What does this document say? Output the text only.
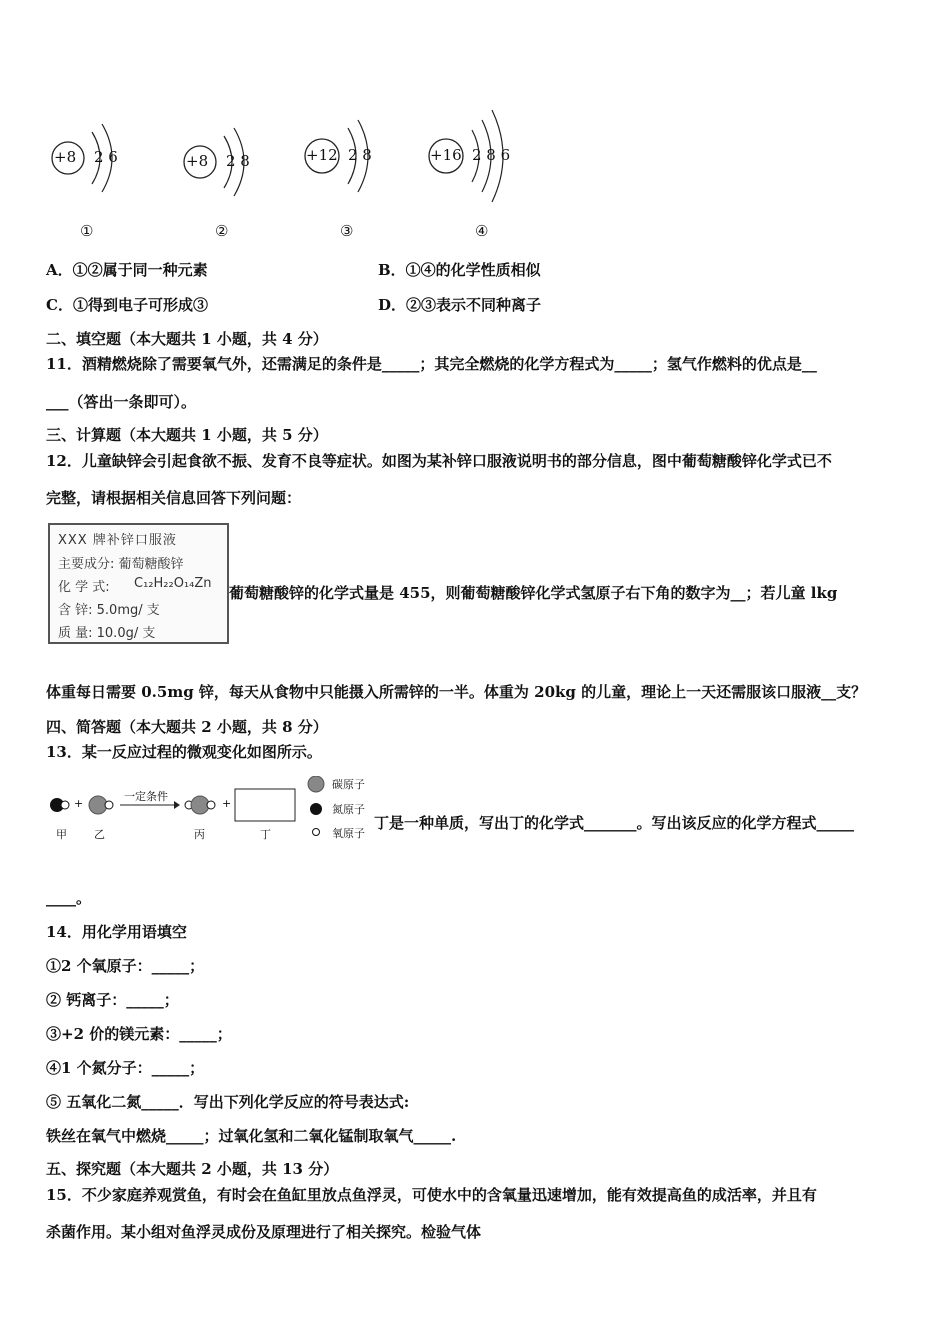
+8 2 6	+8 2 8	+12 2 8	+16 2 8 6
①	②	③	④
A．①②属于同一种元素	B．①④的化学性质相似
C．①得到电子可形成③	D．②③表示不同种离子
二、填空题（本大题共 1 小题，共 4 分）
11．酒精燃烧除了需要氧气外，还需满足的条件是_____；其完全燃烧的化学方程式为_____；氢气作燃料的优点是__
___（答出一条即可）。
三、计算题（本大题共 1 小题，共 5 分）
12．儿童缺锌会引起食欲不振、发育不良等症状。如图为某补锌口服液说明书的部分信息，图中葡萄糖酸锌化学式已不
完整，请根据相关信息回答下列问题：
XXX 牌补锌口服液
主要成分: 葡萄糖酸锌
化 学 式: C₁₂H₂₂O₁₄Zn
含 锌: 5.0mg/ 支
质 量: 10.0g/ 支
葡萄糖酸锌的化学式量是 455，则葡萄糖酸锌化学式氢原子右下角的数字为__；若儿童 lkg
体重每日需要 0.5mg 锌，每天从食物中只能摄入所需锌的一半。体重为 20kg 的儿童，理论上一天还需服该口服液__支？
四、简答题（本大题共 2 小题，共 8 分）
13．某一反应过程的微观变化如图所示。
+	+
一定条件
甲 乙	丙	丁
碳原子
氮原子
氧原子
丁是一种单质，写出丁的化学式_______。写出该反应的化学方程式_____
____。
14．用化学用语填空
①2 个氧原子：_____；
② 钙离子：_____；
③+2 价的镁元素：_____；
④1 个氮分子：_____；
⑤ 五氧化二氮_____．写出下列化学反应的符号表达式:
铁丝在氧气中燃烧_____；过氧化氢和二氧化锰制取氧气_____.
五、探究题（本大题共 2 小题，共 13 分）
15．不少家庭养观赏鱼，有时会在鱼缸里放点鱼浮灵，可使水中的含氧量迅速增加，能有效提高鱼的成活率，并且有
杀菌作用。某小组对鱼浮灵成份及原理进行了相关探究。检验气体
